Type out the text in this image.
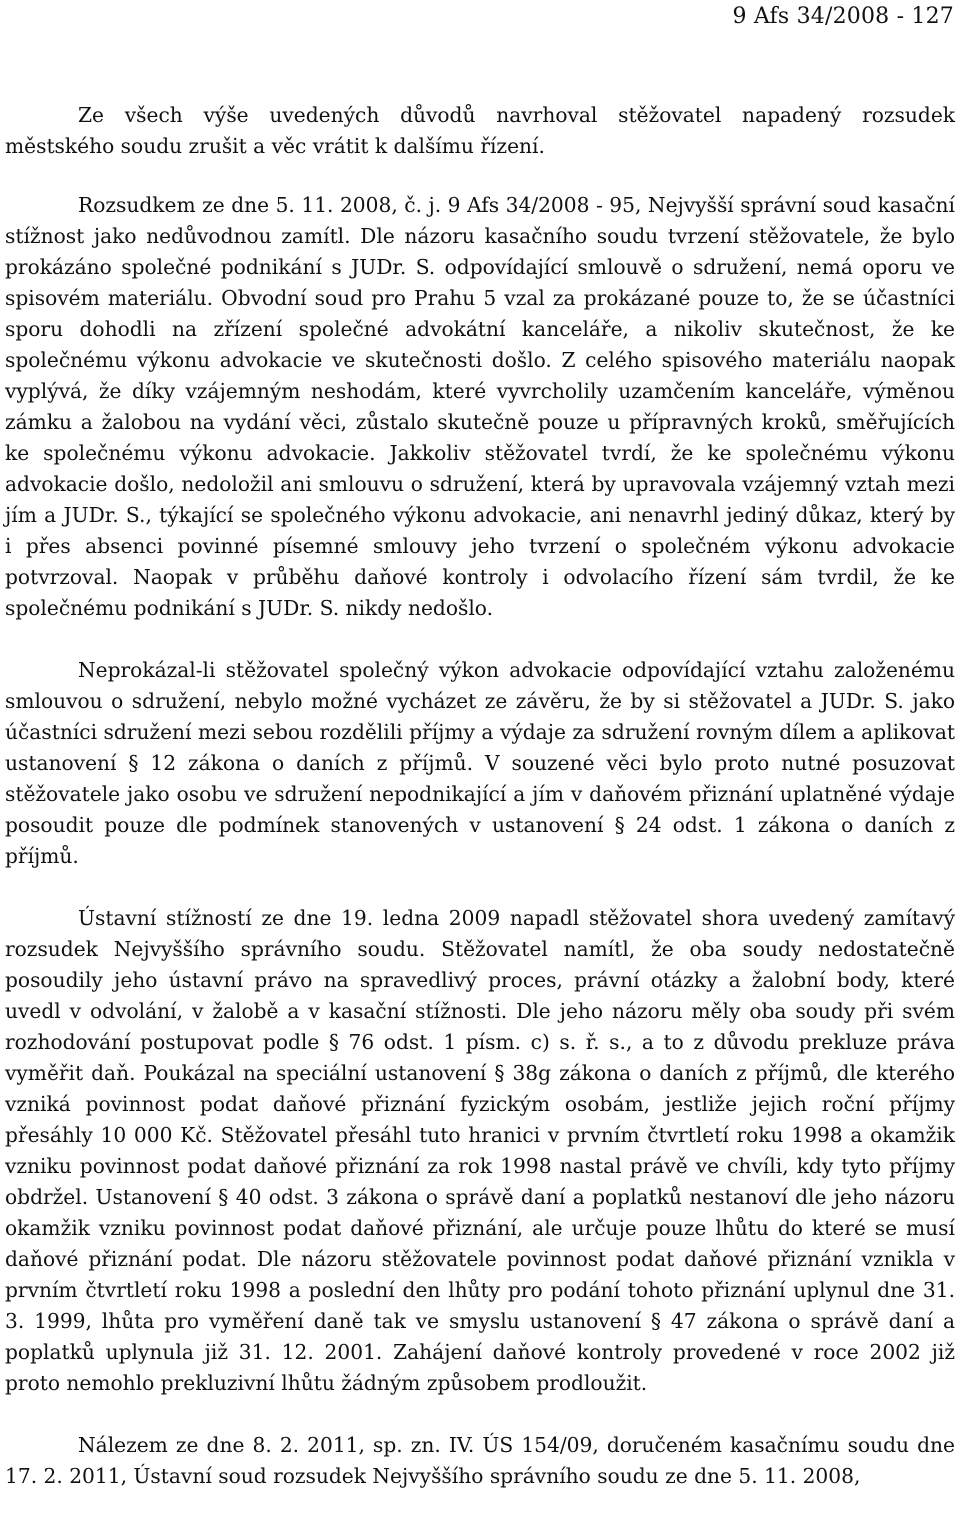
9 Afs 34/2008 - 127

Ze všech výše uvedených důvodů navrhoval stěžovatel napadený rozsudek městského soudu zrušit a věc vrátit k dalšímu řízení.

Rozsudkem ze dne 5. 11. 2008, č. j. 9 Afs 34/2008 - 95, Nejvyšší správní soud kasační stížnost jako nedůvodnou zamítl. Dle názoru kasačního soudu tvrzení stěžovatele, že bylo prokázáno společné podnikání s JUDr. S. odpovídající smlouvě o sdružení, nemá oporu ve spisovém materiálu. Obvodní soud pro Prahu 5 vzal za prokázané pouze to, že se účastníci sporu dohodli na zřízení společné advokátní kanceláře, a nikoliv skutečnost, že ke společnému výkonu advokacie ve skutečnosti došlo. Z celého spisového materiálu naopak vyplývá, že díky vzájemným neshodám, které vyvrcholily uzamčením kanceláře, výměnou zámku a žalobou na vydání věci, zůstalo skutečně pouze u přípravných kroků, směřujících ke společnému výkonu advokacie. Jakkoliv stěžovatel tvrdí, že ke společnému výkonu advokacie došlo, nedoložil ani smlouvu o sdružení, která by upravovala vzájemný vztah mezi jím a JUDr. S., týkající se společného výkonu advokacie, ani nenavrhl jediný důkaz, který by i přes absenci povinné písemné smlouvy jeho tvrzení o společném výkonu advokacie potvrzoval. Naopak v průběhu daňové kontroly i odvolacího řízení sám tvrdil, že ke společnému podnikání s JUDr. S. nikdy nedošlo.

Neprokázal-li stěžovatel společný výkon advokacie odpovídající vztahu založenému smlouvou o sdružení, nebylo možné vycházet ze závěru, že by si stěžovatel a JUDr. S. jako účastníci sdružení mezi sebou rozdělili příjmy a výdaje za sdružení rovným dílem a aplikovat ustanovení § 12 zákona o daních z příjmů. V souzené věci bylo proto nutné posuzovat stěžovatele jako osobu ve sdružení nepodnikající a jím v daňovém přiznání uplatněné výdaje posoudit pouze dle podmínek stanovených v ustanovení § 24 odst. 1 zákona o daních z příjmů.

Ústavní stížností ze dne 19. ledna 2009 napadl stěžovatel shora uvedený zamítavý rozsudek Nejvyššího správního soudu. Stěžovatel namítl, že oba soudy nedostatečně posoudily jeho ústavní právo na spravedlivý proces, právní otázky a žalobní body, které uvedl v odvolání, v žalobě a v kasační stížnosti. Dle jeho názoru měly oba soudy při svém rozhodování postupovat podle § 76 odst. 1 písm. c) s. ř. s., a to z důvodu prekluze práva vyměřit daň. Poukázal na speciální ustanovení § 38g zákona o daních z příjmů, dle kterého vzniká povinnost podat daňové přiznání fyzickým osobám, jestliže jejich roční příjmy přesáhly 10 000 Kč. Stěžovatel přesáhl tuto hranici v prvním čtvrtletí roku 1998 a okamžik vzniku povinnost podat daňové přiznání za rok 1998 nastal právě ve chvíli, kdy tyto příjmy obdržel. Ustanovení § 40 odst. 3 zákona o správě daní a poplatků nestanoví dle jeho názoru okamžik vzniku povinnost podat daňové přiznání, ale určuje pouze lhůtu do které se musí daňové přiznání podat. Dle názoru stěžovatele povinnost podat daňové přiznání vznikla v prvním čtvrtletí roku 1998 a poslední den lhůty pro podání tohoto přiznání uplynul dne 31. 3. 1999, lhůta pro vyměření daně tak ve smyslu ustanovení § 47 zákona o správě daní a poplatků uplynula již 31. 12. 2001. Zahájení daňové kontroly provedené v roce 2002 již proto nemohlo prekluzivní lhůtu žádným způsobem prodloužit.

Nálezem ze dne 8. 2. 2011, sp. zn. IV. ÚS 154/09, doručeném kasačnímu soudu dne 17. 2. 2011, Ústavní soud rozsudek Nejvyššího správního soudu ze dne 5. 11. 2008,
